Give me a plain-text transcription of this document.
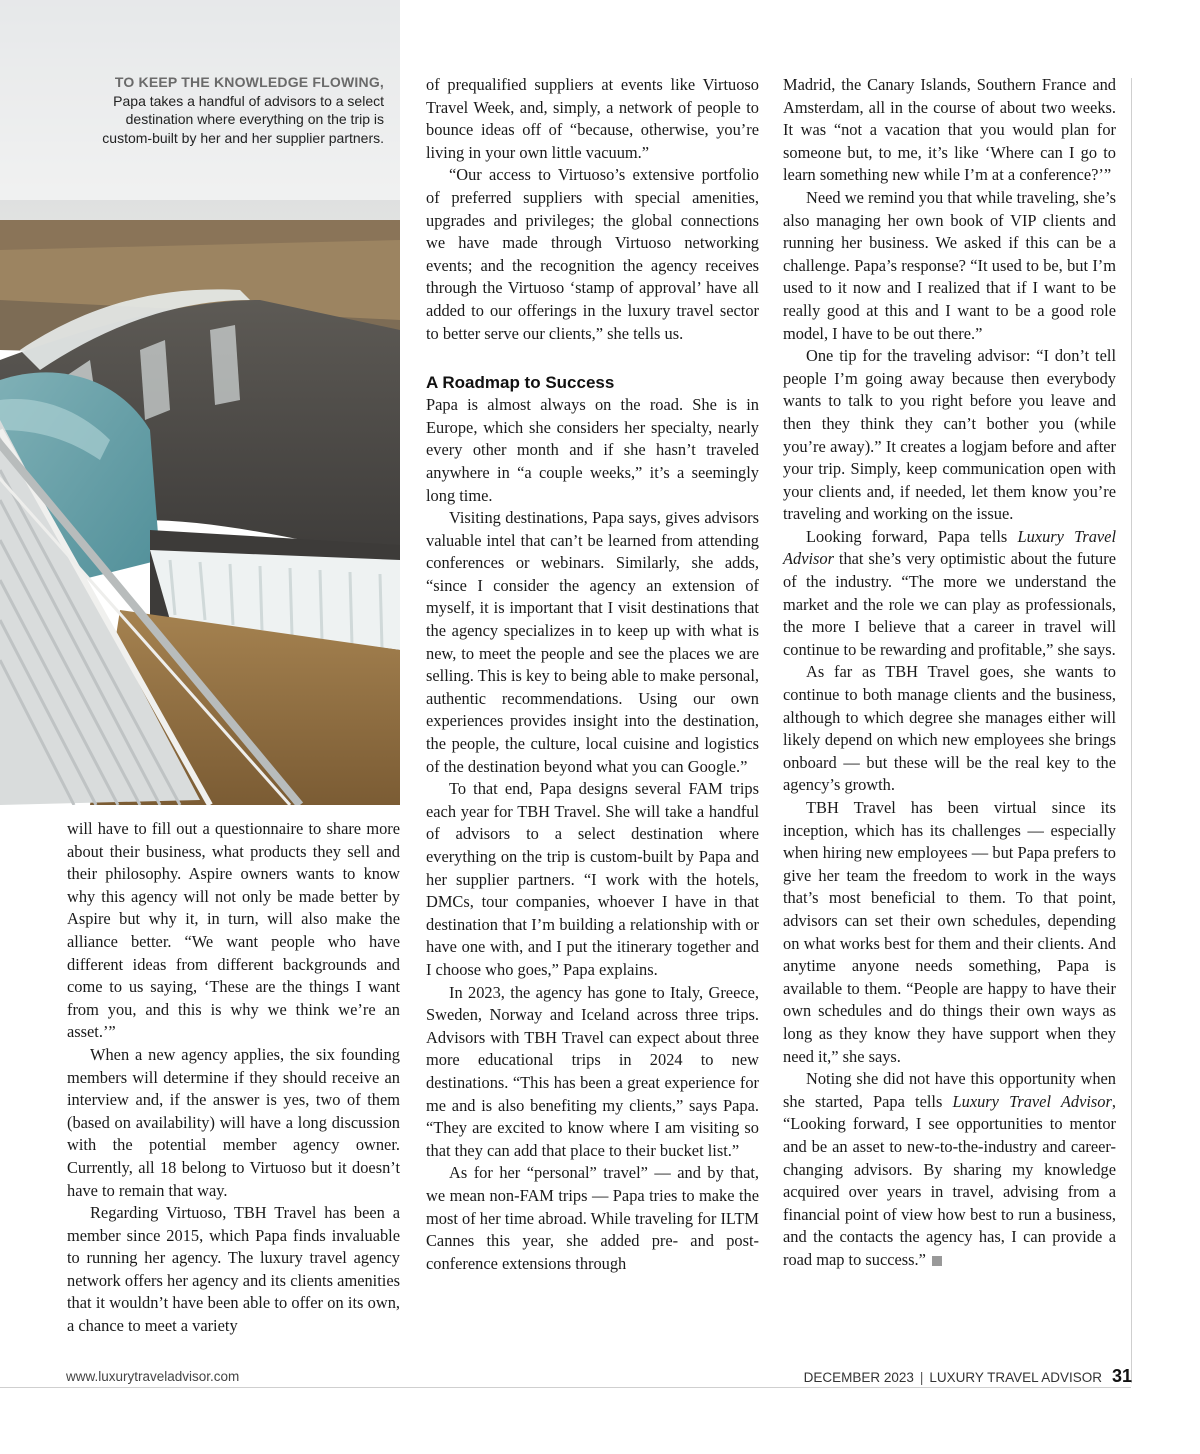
TO KEEP THE KNOWLEDGE FLOWING, Papa takes a handful of advisors to a select destination where everything on the trip is custom-built by her and her supplier partners.

will have to fill out a questionnaire to share more about their business, what products they sell and their philosophy. Aspire owners wants to know why this agency will not only be made better by Aspire but why it, in turn, will also make the alliance better. “We want people who have different ideas from different backgrounds and come to us saying, ‘These are the things I want from you, and this is why we think we’re an asset.’”

When a new agency applies, the six founding members will determine if they should receive an interview and, if the answer is yes, two of them (based on availability) will have a long discussion with the potential member agency owner. Currently, all 18 belong to Virtuoso but it doesn’t have to remain that way.

Regarding Virtuoso, TBH Travel has been a member since 2015, which Papa finds invaluable to running her agency. The luxury travel agency network offers her agency and its clients amenities that it wouldn’t have been able to offer on its own, a chance to meet a variety

of prequalified suppliers at events like Virtuoso Travel Week, and, simply, a network of people to bounce ideas off of “because, otherwise, you’re living in your own little vacuum.”

“Our access to Virtuoso’s extensive portfolio of preferred suppliers with special amenities, upgrades and privileges; the global connections we have made through Virtuoso networking events; and the recognition the agency receives through the Virtuoso ‘stamp of approval’ have all added to our offerings in the luxury travel sector to better serve our clients,” she tells us.

A Roadmap to Success

Papa is almost always on the road. She is in Europe, which she considers her specialty, nearly every other month and if she hasn’t traveled anywhere in “a couple weeks,” it’s a seemingly long time.

Visiting destinations, Papa says, gives advisors valuable intel that can’t be learned from attending conferences or webinars. Similarly, she adds, “since I consider the agency an extension of myself, it is important that I visit destinations that the agency specializes in to keep up with what is new, to meet the people and see the places we are selling. This is key to being able to make personal, authentic recommendations. Using our own experiences provides insight into the destination, the people, the culture, local cuisine and logistics of the destination beyond what you can Google.”

To that end, Papa designs several FAM trips each year for TBH Travel. She will take a handful of advisors to a select destination where everything on the trip is custom-built by Papa and her supplier partners. “I work with the hotels, DMCs, tour companies, whoever I have in that destination that I’m building a relationship with or have one with, and I put the itinerary together and I choose who goes,” Papa explains.

In 2023, the agency has gone to Italy, Greece, Sweden, Norway and Iceland across three trips. Advisors with TBH Travel can expect about three more educational trips in 2024 to new destinations. “This has been a great experience for me and is also benefiting my clients,” says Papa. “They are excited to know where I am visiting so that they can add that place to their bucket list.”

As for her “personal” travel” — and by that, we mean non-FAM trips — Papa tries to make the most of her time abroad. While traveling for ILTM Cannes this year, she added pre- and post-conference extensions through

Madrid, the Canary Islands, Southern France and Amsterdam, all in the course of about two weeks. It was “not a vacation that you would plan for someone but, to me, it’s like ‘Where can I go to learn something new while I’m at a conference?’”

Need we remind you that while traveling, she’s also managing her own book of VIP clients and running her business. We asked if this can be a challenge. Papa’s response? “It used to be, but I’m used to it now and I realized that if I want to be really good at this and I want to be a good role model, I have to be out there.”

One tip for the traveling advisor: “I don’t tell people I’m going away because then everybody wants to talk to you right before you leave and then they think they can’t bother you (while you’re away).” It creates a logjam before and after your trip. Simply, keep communication open with your clients and, if needed, let them know you’re traveling and working on the issue.

Looking forward, Papa tells Luxury Travel Advisor that she’s very optimistic about the future of the industry. “The more we understand the market and the role we can play as professionals, the more I believe that a career in travel will continue to be rewarding and profitable,” she says.

As far as TBH Travel goes, she wants to continue to both manage clients and the business, although to which degree she manages either will likely depend on which new employees she brings onboard — but these will be the real key to the agency’s growth.

TBH Travel has been virtual since its inception, which has its challenges — especially when hiring new employees — but Papa prefers to give her team the freedom to work in the ways that’s most beneficial to them. To that point, advisors can set their own schedules, depending on what works best for them and their clients. And anytime anyone needs something, Papa is available to them. “People are happy to have their own schedules and do things their own ways as long as they know they have support when they need it,” she says.

Noting she did not have this opportunity when she started, Papa tells Luxury Travel Advisor, “Looking forward, I see opportunities to mentor and be an asset to new-to-the-industry and career-changing advisors. By sharing my knowledge acquired over years in travel, advising from a financial point of view how best to run a business, and the contacts the agency has, I can provide a road map to success.”

www.luxurytraveladvisor.com	DECEMBER 2023 | LUXURY TRAVEL ADVISOR 31
